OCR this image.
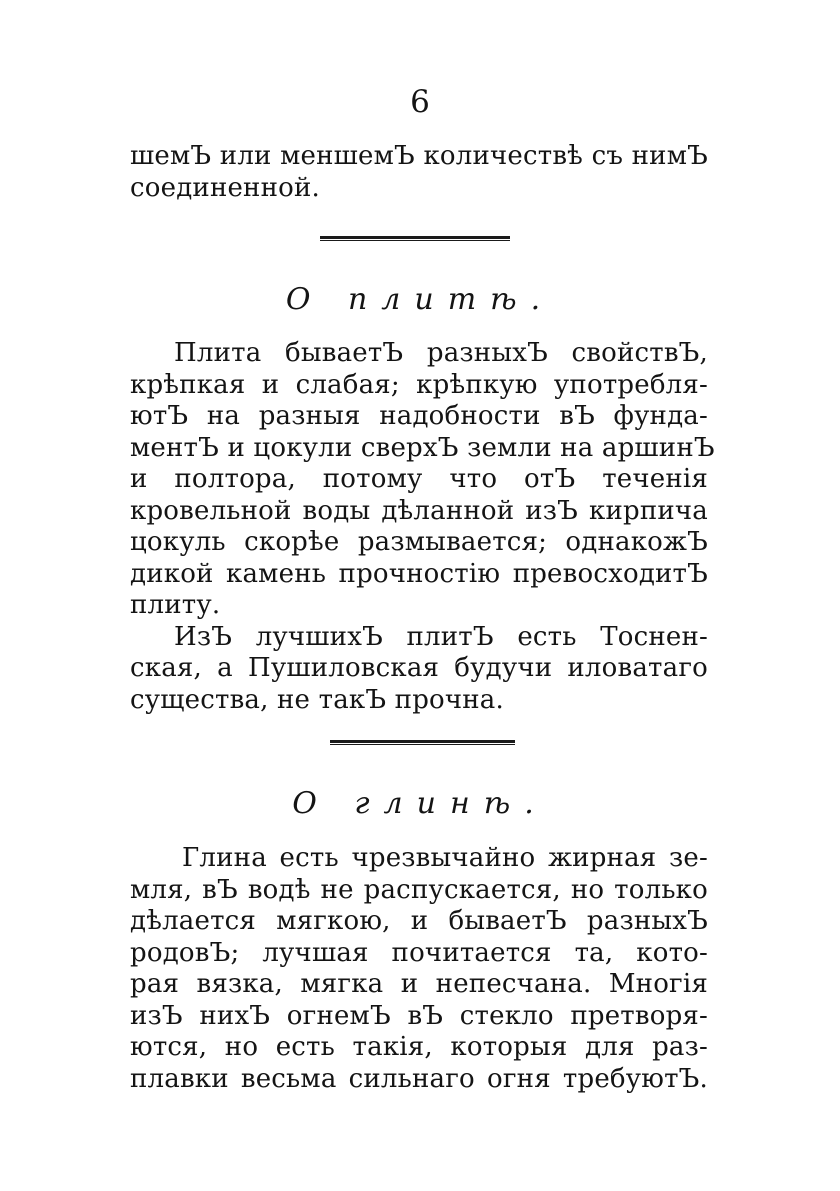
6
шемЪ или меншемЪ количествѣ съ нимЪ
соединенной.
О плитѣ.
Плита бываетЪ разныхЪ свойствЪ,
крѣпкая и слабая; крѣпкую употребля-
ютЪ на разныя надобности вЪ фунда-
ментЪ и цокули сверхЪ земли на аршинЪ
и полтора, потому что отЪ теченія
кровельной воды дѣланной изЪ кирпича
цокуль скорѣе размывается; однакожЪ
дикой камень прочностію превосходитЪ
плиту.
ИзЪ лучшихЪ плитЪ есть Тоснен-
ская, а Пушиловская будучи иловатаго
существа, не такЪ прочна.
О глинѣ.
Глина есть чрезвычайно жирная зе-
мля, вЪ водѣ не распускается, но только
дѣлается мягкою, и бываетЪ разныхЪ
родовЪ; лучшая почитается та, кото-
рая вязка, мягка и непесчана. Многія
изЪ нихЪ огнемЪ вЪ стекло претворя-
ются, но есть такія, которыя для раз-
плавки весьма сильнаго огня требуютЪ.
